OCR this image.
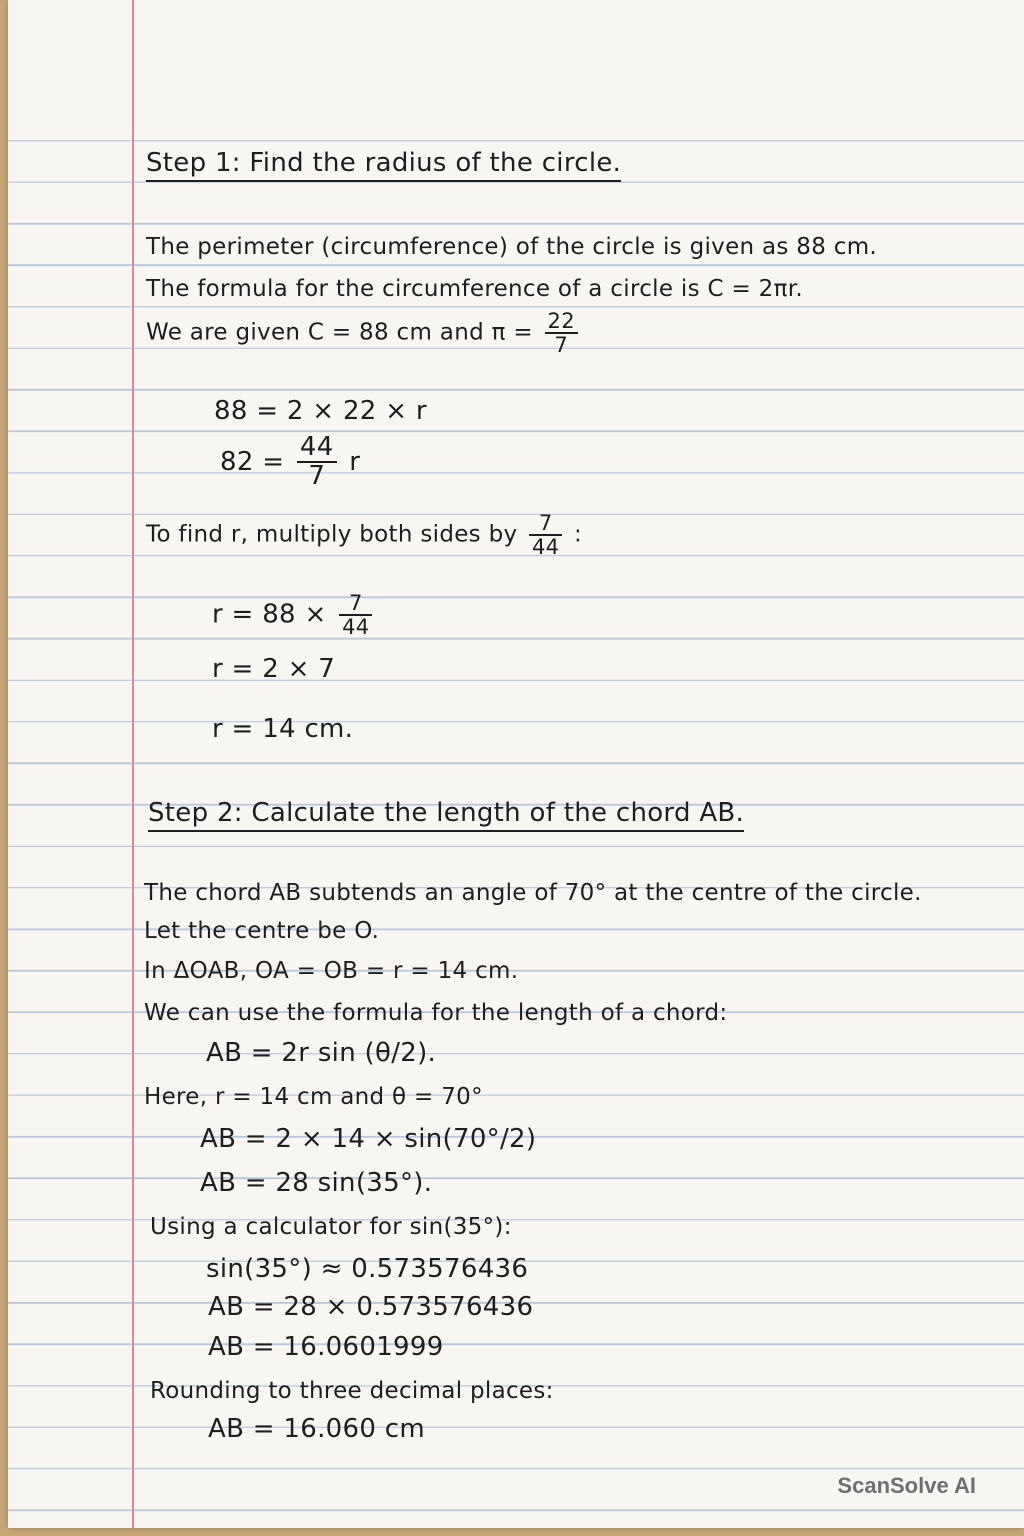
Step 1: Find the radius of the circle.
The perimeter (circumference) of the circle is given as 88 cm.
The formula for the circumference of a circle is C = 2πr.
We are given C = 88 cm and $\pi = \frac{22}{7}$
88 = 2 × 22 × r
$82 = \frac{44}{7}$ r
To find r, multiply both sides by $\frac{7}{44}$ :
$r = 88 \times \frac{7}{44}$
r = 2 × 7
r = 14 cm.
Step 2: Calculate the length of the chord AB.
The chord AB subtends an angle of 70° at the centre of the circle.
Let the centre be O.
In ΔOAB, OA = OB = r = 14 cm.
We can use the formula for the length of a chord:
AB = 2r sin (θ/2).
Here, r = 14 cm and θ = 70°
AB = 2 × 14 × sin(70°/2)
AB = 28 sin(35°).
Using a calculator for sin(35°):
sin(35°) ≈ 0.573576436
AB = 28 × 0.573576436
AB = 16.0601999
Rounding to three decimal places:
AB = 16.060 cm
ScanSolve AI
